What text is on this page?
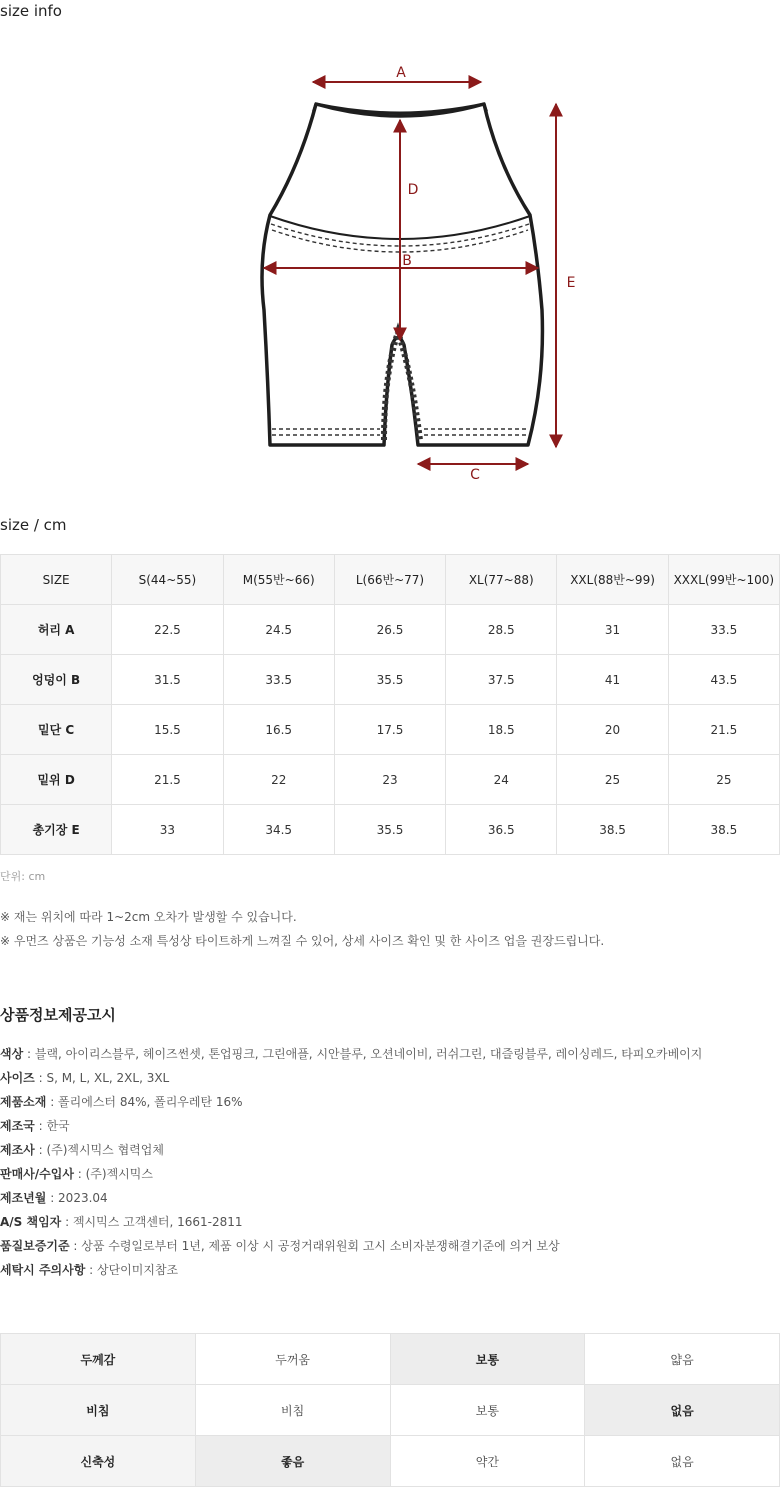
size info
A
D
B
C
E
size / cm
SIZE	S(44~55)	M(55반~66)	L(66반~77)	XL(77~88)	XXL(88반~99)	XXXL(99반~100)
허리 A	22.5	24.5	26.5	28.5	31	33.5
엉덩이 B	31.5	33.5	35.5	37.5	41	43.5
밑단 C	15.5	16.5	17.5	18.5	20	21.5
밑위 D	21.5	22	23	24	25	25
총기장 E	33	34.5	35.5	36.5	38.5	38.5
단위: cm
※ 재는 위치에 따라 1~2cm 오차가 발생할 수 있습니다.
※ 우먼즈 상품은 기능성 소재 특성상 타이트하게 느껴질 수 있어, 상세 사이즈 확인 및 한 사이즈 업을 권장드립니다.
상품정보제공고시
색상 : 블랙, 아이리스블루, 헤이즈썬셋, 톤업핑크, 그린애플, 시안블루, 오션네이비, 러쉬그린, 대즐링블루, 레이싱레드, 타피오카베이지
사이즈 : S, M, L, XL, 2XL, 3XL
제품소재 : 폴리에스터 84%, 폴리우레탄 16%
제조국 : 한국
제조사 : (주)젝시믹스 협력업체
판매사/수입사 : (주)젝시믹스
제조년월 : 2023.04
A/S 책임자 : 젝시믹스 고객센터, 1661-2811
품질보증기준 : 상품 수령일로부터 1년, 제품 이상 시 공정거래위원회 고시 소비자분쟁해결기준에 의거 보상
세탁시 주의사항 : 상단이미지참조
두께감	두꺼움	보통	얇음
비침	비침	보통	없음
신축성	좋음	약간	없음
